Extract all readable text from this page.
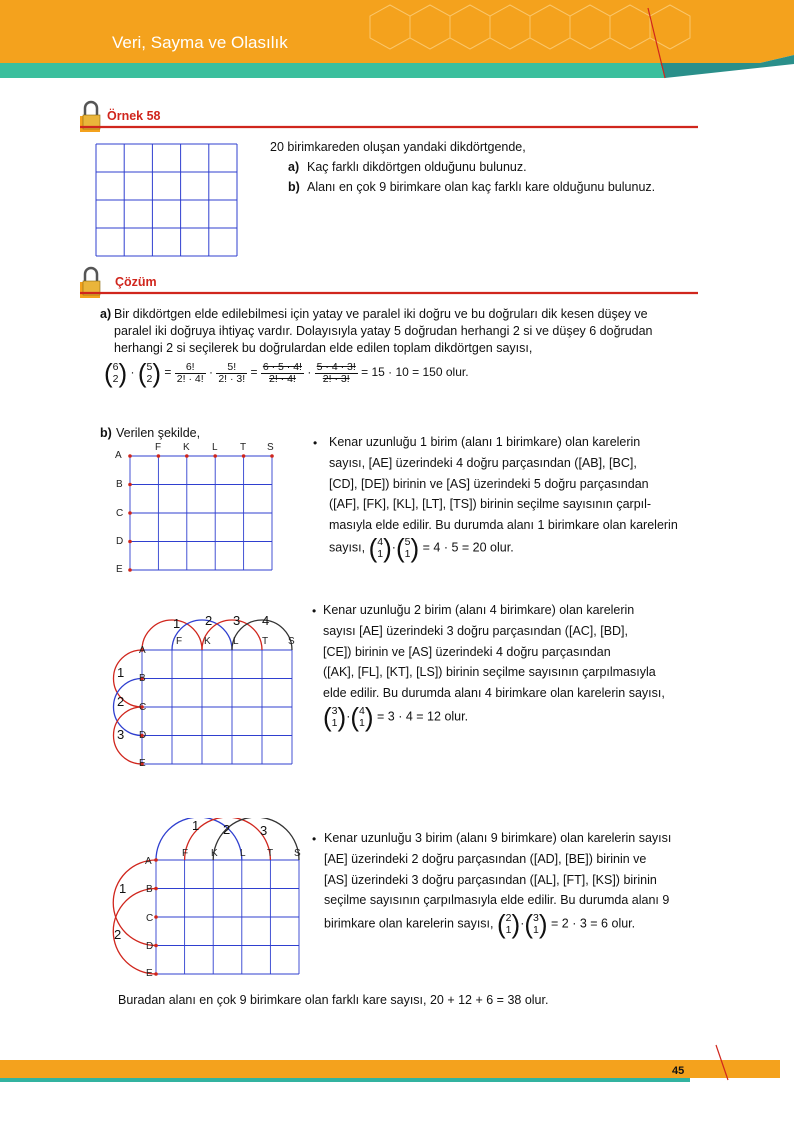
Veri, Sayma ve Olasılık
Örnek 58
20 birimkareden oluşan yandaki dikdörtgende,
a) Kaç farklı dikdörtgen olduğunu bulunuz.
b) Alanı en çok 9 birimkare olan kaç farklı kare olduğunu bulunuz.
Çözüm
a) Bir dikdörtgen elde edilebilmesi için yatay ve paralel iki doğru ve bu doğruları dik kesen düşey ve
paralel iki doğruya ihtiyaç vardır. Dolayısıyla yatay 5 doğrudan herhangi 2 si ve düşey 6 doğrudan
herhangi 2 si seçilerek bu doğrulardan elde edilen toplam dikdörtgen sayısı,
( 6
2 ) · ( 5
2 ) = $\frac{6!}{2! \cdot 4!} \cdot \frac{5!}{2! \cdot 3!} = \frac{6 \cdot 5 \cdot 4!}{2! \cdot 4!} \cdot \frac{5 \cdot 4 \cdot 3!}{2! \cdot 3!} = 15 \cdot 10 = 150$ olur.
b) Verilen şekilde,
A
B
C
D
E
F K L T S	• Kenar uzunluğu 1 birim (alanı 1 birimkare) olan karelerin
sayısı, [AE] üzerindeki 4 doğru parçasından ([AB], [BC],
[CD], [DE]) birinin ve [AS] üzerindeki 5 doğru parçasından
([AF], [FK], [KL], [LT], [TS]) birinin seçilme sayısının çarpıl-
masıyla elde edilir. Bu durumda alanı 1 birimkare olan karelerin
sayısı, ( 4
1 )·( 5
1 ) = 4 · 5 = 20 olur.
A
B
C
D
E
F K L T S
1 2 3 4
1
2
3
• Kenar uzunluğu 2 birim (alanı 4 birimkare) olan karelerin
sayısı [AE] üzerindeki 3 doğru parçasından ([AC], [BD],
[CE]) birinin ve [AS] üzerindeki 4 doğru parçasından
([AK], [FL], [KT], [LS]) birinin seçilme sayısının çarpılmasıyla
elde edilir. Bu durumda alanı 4 birimkare olan karelerin sayısı,
( 3
1 )·( 4
1 ) = 3 · 4 = 12 olur.
A
B
C
D
E
F K L T S
1 2 3
1
2
• Kenar uzunluğu 3 birim (alanı 9 birimkare) olan karelerin sayısı
[AE] üzerindeki 2 doğru parçasından ([AD], [BE]) birinin ve
[AS] üzerindeki 3 doğru parçasından ([AL], [FT], [KS]) birinin
seçilme sayısının çarpılmasıyla elde edilir. Bu durumda alanı 9
birimkare olan karelerin sayısı, ( 2
1 )·( 3
1 ) = 2 · 3 = 6 olur.
Buradan alanı en çok 9 birimkare olan farklı kare sayısı, 20 + 12 + 6 = 38 olur.
45
